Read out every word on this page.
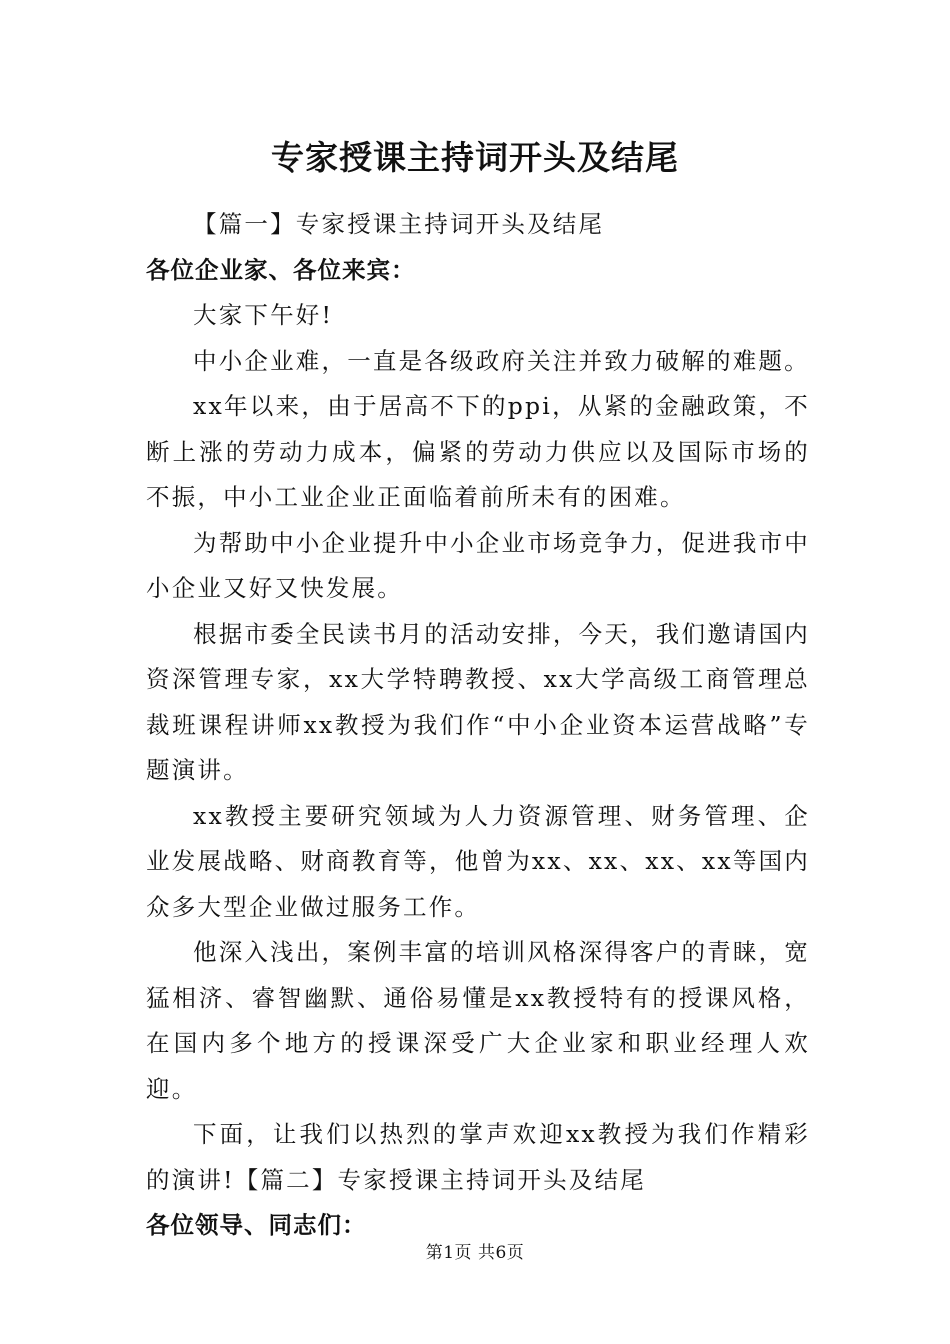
专家授课主持词开头及结尾

【篇一】专家授课主持词开头及结尾

各位企业家、各位来宾：

大家下午好!

中小企业难，一直是各级政府关注并致力破解的难题。

xx年以来，由于居高不下的ppi，从紧的金融政策，不断上涨的劳动力成本，偏紧的劳动力供应以及国际市场的不振，中小工业企业正面临着前所未有的困难。

为帮助中小企业提升中小企业市场竞争力，促进我市中小企业又好又快发展。

根据市委全民读书月的活动安排，今天，我们邀请国内资深管理专家，xx大学特聘教授、xx大学高级工商管理总裁班课程讲师xx教授为我们作“中小企业资本运营战略”专题演讲。

xx教授主要研究领域为人力资源管理、财务管理、企业发展战略、财商教育等，他曾为xx、xx、xx、xx等国内众多大型企业做过服务工作。

他深入浅出，案例丰富的培训风格深得客户的青睐，宽猛相济、睿智幽默、通俗易懂是xx教授特有的授课风格，在国内多个地方的授课深受广大企业家和职业经理人欢迎。

下面，让我们以热烈的掌声欢迎xx教授为我们作精彩的演讲!【篇二】专家授课主持词开头及结尾

各位领导、同志们：

第1页 共6页
